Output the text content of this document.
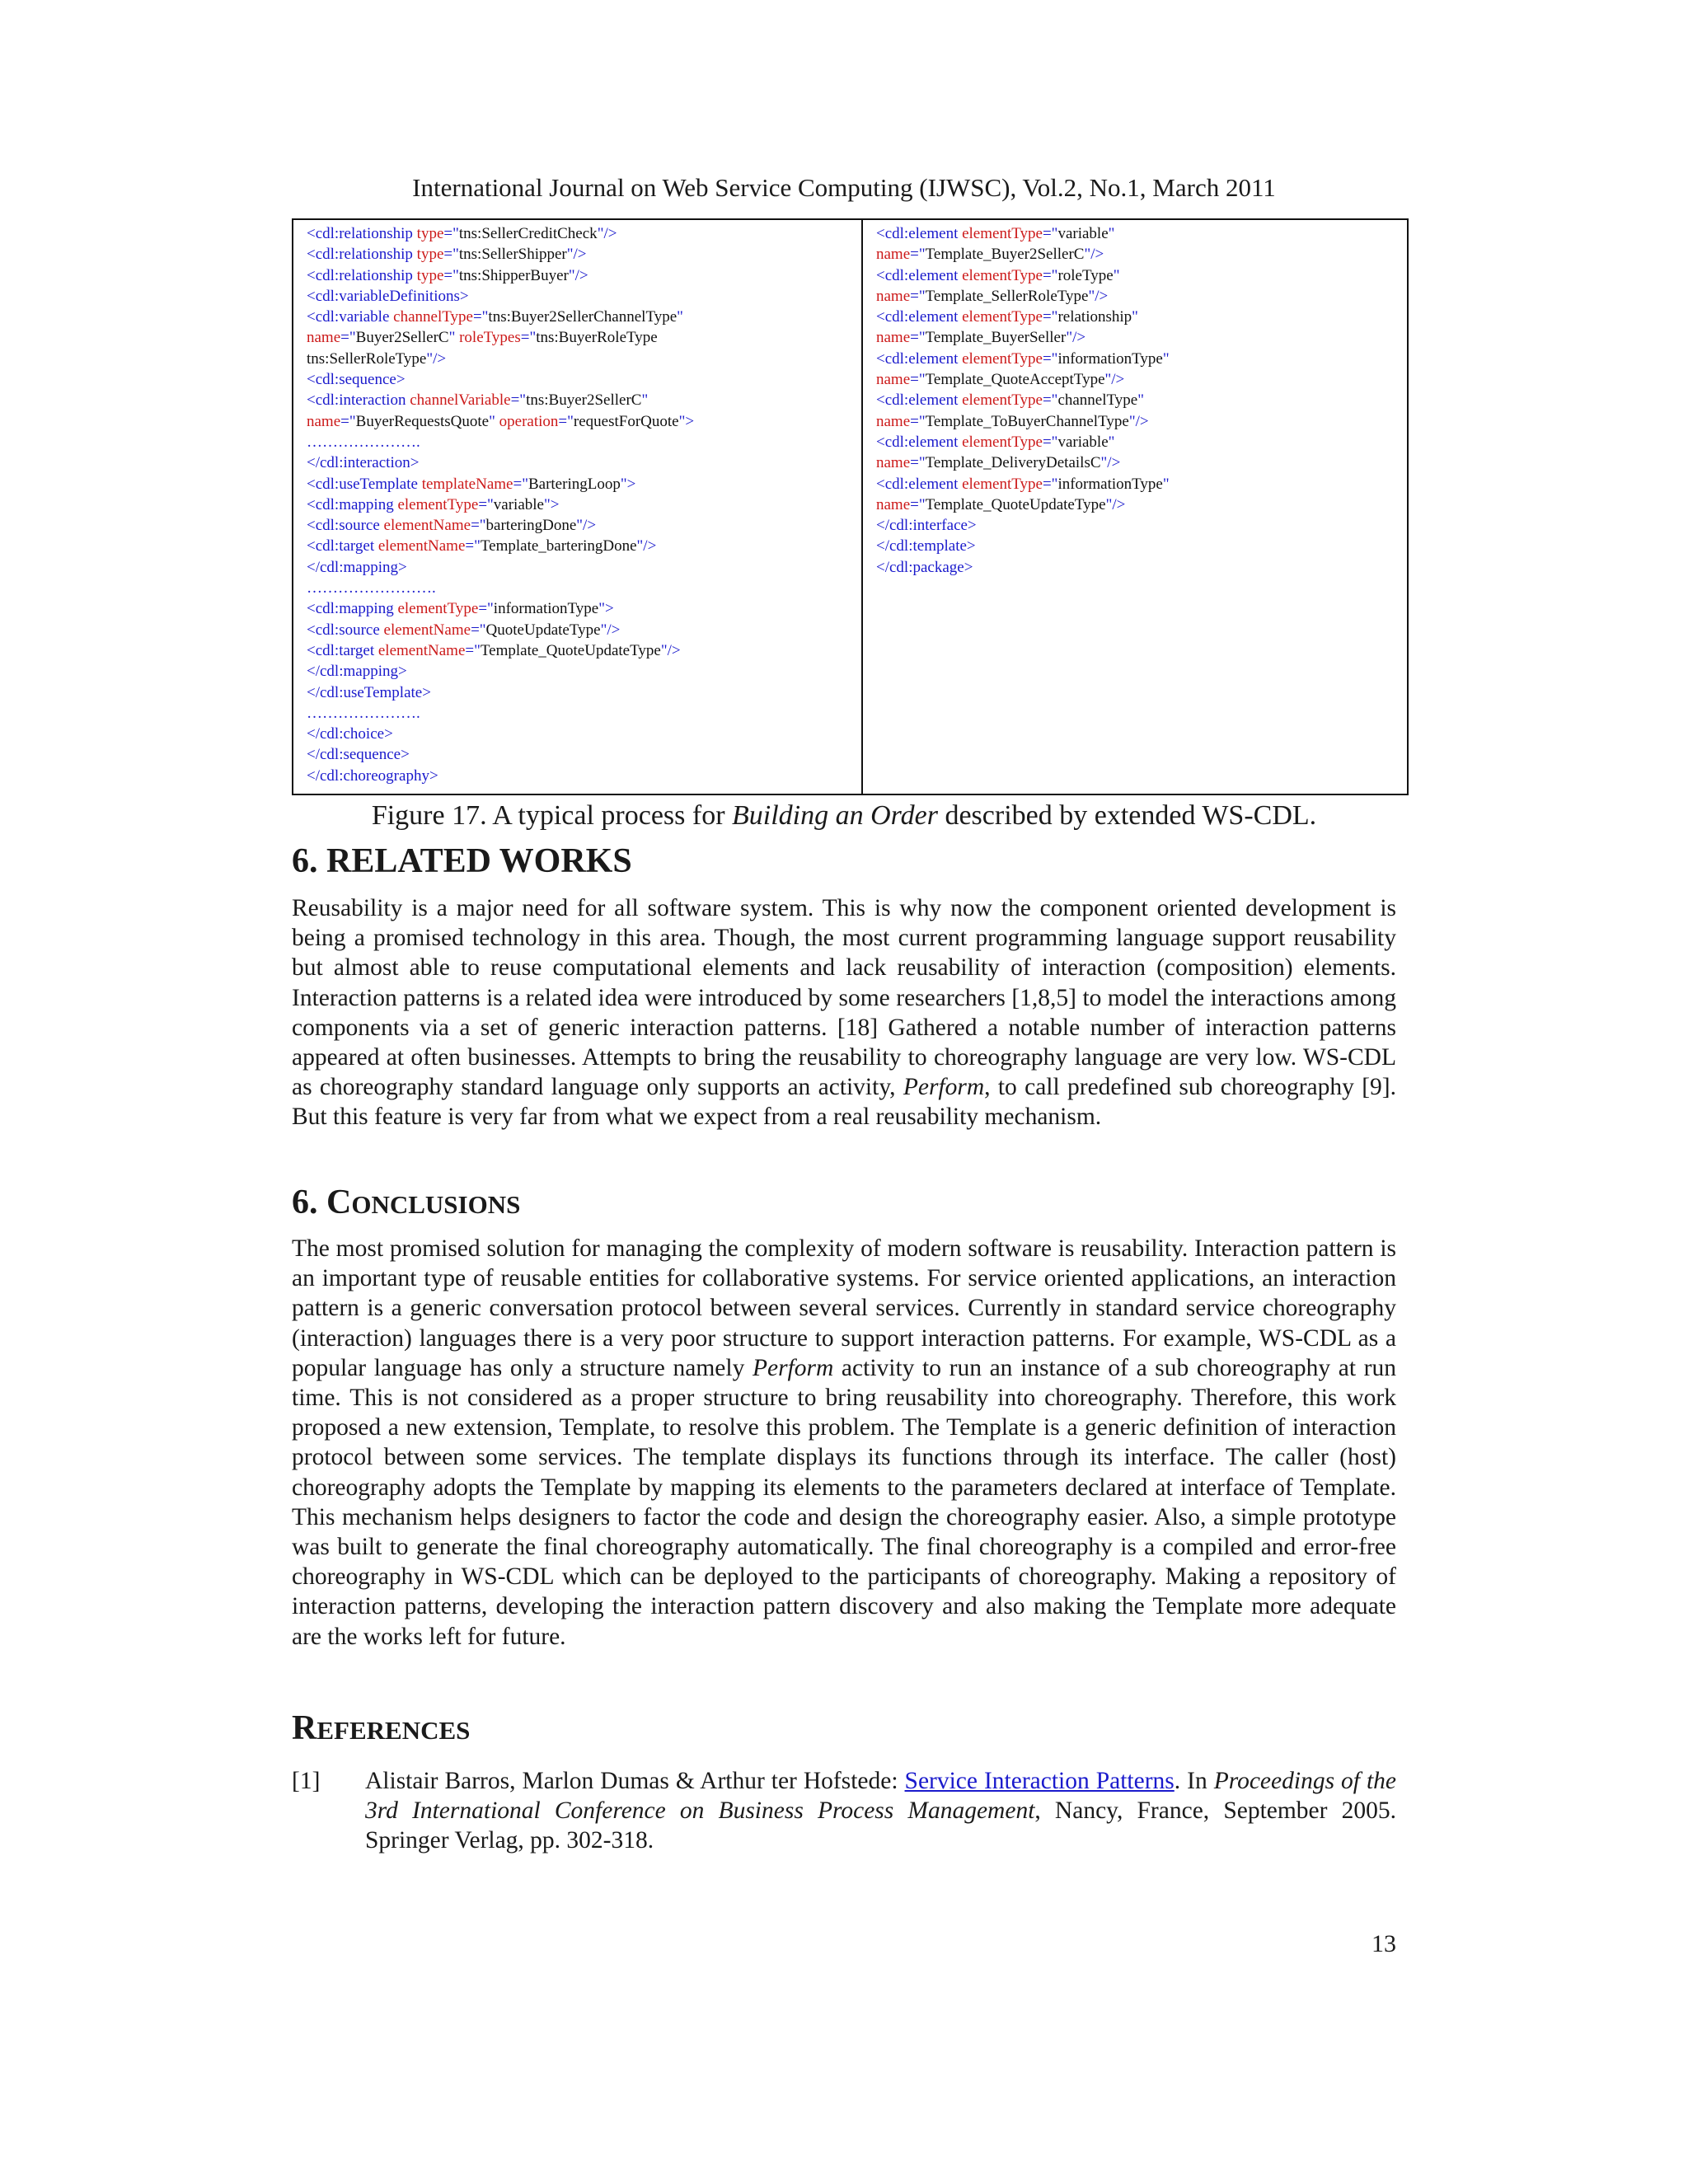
International Journal on Web Service Computing (IJWSC), Vol.2, No.1, March 2011
<cdl:relationship type="tns:SellerCreditCheck"/>
<cdl:relationship type="tns:SellerShipper"/>
<cdl:relationship type="tns:ShipperBuyer"/>
<cdl:variableDefinitions>
<cdl:variable channelType="tns:Buyer2SellerChannelType"
name="Buyer2SellerC" roleTypes="tns:BuyerRoleType
tns:SellerRoleType"/>
<cdl:sequence>
<cdl:interaction channelVariable="tns:Buyer2SellerC"
name="BuyerRequestsQuote" operation="requestForQuote">
………………….
</cdl:interaction>
<cdl:useTemplate templateName="BarteringLoop">
<cdl:mapping elementType="variable">
<cdl:source elementName="barteringDone"/>
<cdl:target elementName="Template_barteringDone"/>
</cdl:mapping>
…………………….
<cdl:mapping elementType="informationType">
<cdl:source elementName="QuoteUpdateType"/>
<cdl:target elementName="Template_QuoteUpdateType"/>
</cdl:mapping>
</cdl:useTemplate>
………………….
</cdl:choice>
</cdl:sequence>
</cdl:choreography>
<cdl:element elementType="variable"
name="Template_Buyer2SellerC"/>
<cdl:element elementType="roleType"
name="Template_SellerRoleType"/>
<cdl:element elementType="relationship"
name="Template_BuyerSeller"/>
<cdl:element elementType="informationType"
name="Template_QuoteAcceptType"/>
<cdl:element elementType="channelType"
name="Template_ToBuyerChannelType"/>
<cdl:element elementType="variable"
name="Template_DeliveryDetailsC"/>
<cdl:element elementType="informationType"
name="Template_QuoteUpdateType"/>
</cdl:interface>
</cdl:template>
</cdl:package>
Figure 17. A typical process for Building an Order described by extended WS-CDL.
6. RELATED WORKS
Reusability is a major need for all software system. This is why now the component oriented development is being a promised technology in this area. Though, the most current programming language support reusability but almost able to reuse computational elements and lack reusability of interaction (composition) elements. Interaction patterns is a related idea were introduced by some researchers [1,8,5] to model the interactions among components via a set of generic interaction patterns. [18] Gathered a notable number of interaction patterns appeared at often businesses. Attempts to bring the reusability to choreography language are very low. WS-CDL as choreography standard language only supports an activity, Perform, to call predefined sub choreography [9]. But this feature is very far from what we expect from a real reusability mechanism.
6. CONCLUSIONS
The most promised solution for managing the complexity of modern software is reusability. Interaction pattern is an important type of reusable entities for collaborative systems. For service oriented applications, an interaction pattern is a generic conversation protocol between several services. Currently in standard service choreography (interaction) languages there is a very poor structure to support interaction patterns. For example, WS-CDL as a popular language has only a structure namely Perform activity to run an instance of a sub choreography at run time. This is not considered as a proper structure to bring reusability into choreography. Therefore, this work proposed a new extension, Template, to resolve this problem. The Template is a generic definition of interaction protocol between some services. The template displays its functions through its interface. The caller (host) choreography adopts the Template by mapping its elements to the parameters declared at interface of Template. This mechanism helps designers to factor the code and design the choreography easier. Also, a simple prototype was built to generate the final choreography automatically. The final choreography is a compiled and error-free choreography in WS-CDL which can be deployed to the participants of choreography. Making a repository of interaction patterns, developing the interaction pattern discovery and also making the Template more adequate are the works left for future.
REFERENCES
[1] Alistair Barros, Marlon Dumas & Arthur ter Hofstede: Service Interaction Patterns. In Proceedings of the 3rd International Conference on Business Process Management, Nancy, France, September 2005. Springer Verlag, pp. 302-318.
13
